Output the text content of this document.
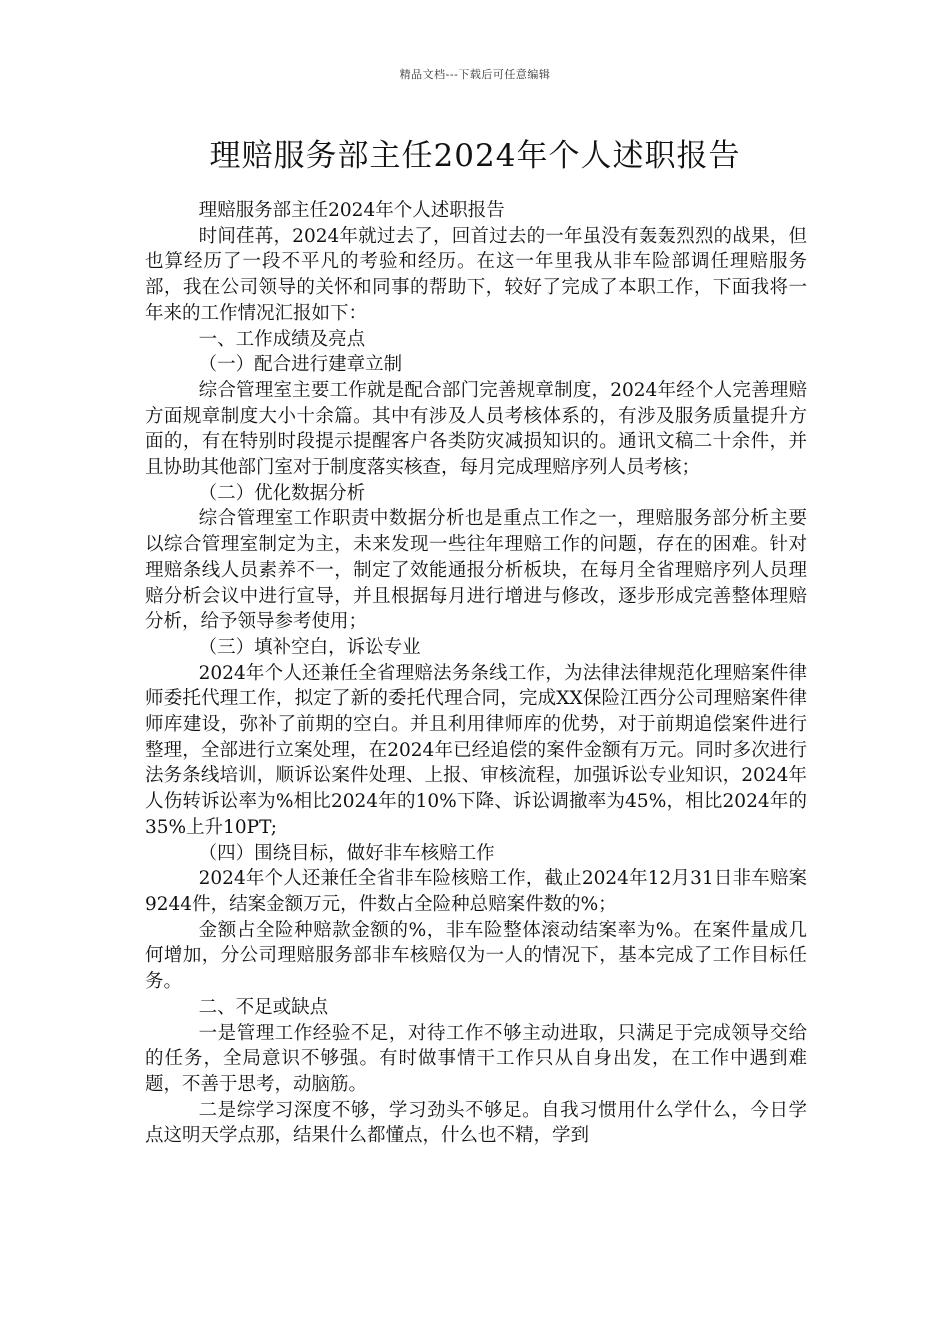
精品文档---下载后可任意编辑
理赔服务部主任2024年个人述职报告

理赔服务部主任2024年个人述职报告

时间荏苒，2024年就过去了，回首过去的一年虽没有轰轰烈烈的战果，但也算经历了一段不平凡的考验和经历。在这一年里我从非车险部调任理赔服务部，我在公司领导的关怀和同事的帮助下，较好了完成了本职工作，下面我将一年来的工作情况汇报如下：

一、工作成绩及亮点

（一）配合进行建章立制

综合管理室主要工作就是配合部门完善规章制度，2024年经个人完善理赔方面规章制度大小十余篇。其中有涉及人员考核体系的，有涉及服务质量提升方面的，有在特别时段提示提醒客户各类防灾减损知识的。通讯文稿二十余件，并且协助其他部门室对于制度落实核查，每月完成理赔序列人员考核；

（二）优化数据分析

综合管理室工作职责中数据分析也是重点工作之一，理赔服务部分析主要以综合管理室制定为主，未来发现一些往年理赔工作的问题，存在的困难。针对理赔条线人员素养不一，制定了效能通报分析板块，在每月全省理赔序列人员理赔分析会议中进行宣导，并且根据每月进行增进与修改，逐步形成完善整体理赔分析，给予领导参考使用；

（三）填补空白，诉讼专业

2024年个人还兼任全省理赔法务条线工作，为法律法律规范化理赔案件律师委托代理工作，拟定了新的委托代理合同，完成XX保险江西分公司理赔案件律师库建设，弥补了前期的空白。并且利用律师库的优势，对于前期追偿案件进行整理，全部进行立案处理，在2024年已经追偿的案件金额有万元。同时多次进行法务条线培训，顺诉讼案件处理、上报、审核流程，加强诉讼专业知识，2024年人伤转诉讼率为%相比2024年的10%下降、诉讼调撤率为45%，相比2024年的35%上升10PT;

（四）围绕目标，做好非车核赔工作

2024年个人还兼任全省非车险核赔工作，截止2024年12月31日非车赔案9244件，结案金额万元，件数占全险种总赔案件数的%；

金额占全险种赔款金额的%，非车险整体滚动结案率为%。在案件量成几何增加，分公司理赔服务部非车核赔仅为一人的情况下，基本完成了工作目标任务。

二、不足或缺点

一是管理工作经验不足，对待工作不够主动进取，只满足于完成领导交给的任务，全局意识不够强。有时做事情干工作只从自身出发，在工作中遇到难题，不善于思考，动脑筋。

二是综学习深度不够，学习劲头不够足。自我习惯用什么学什么，今日学点这明天学点那，结果什么都懂点，什么也不精，学到
